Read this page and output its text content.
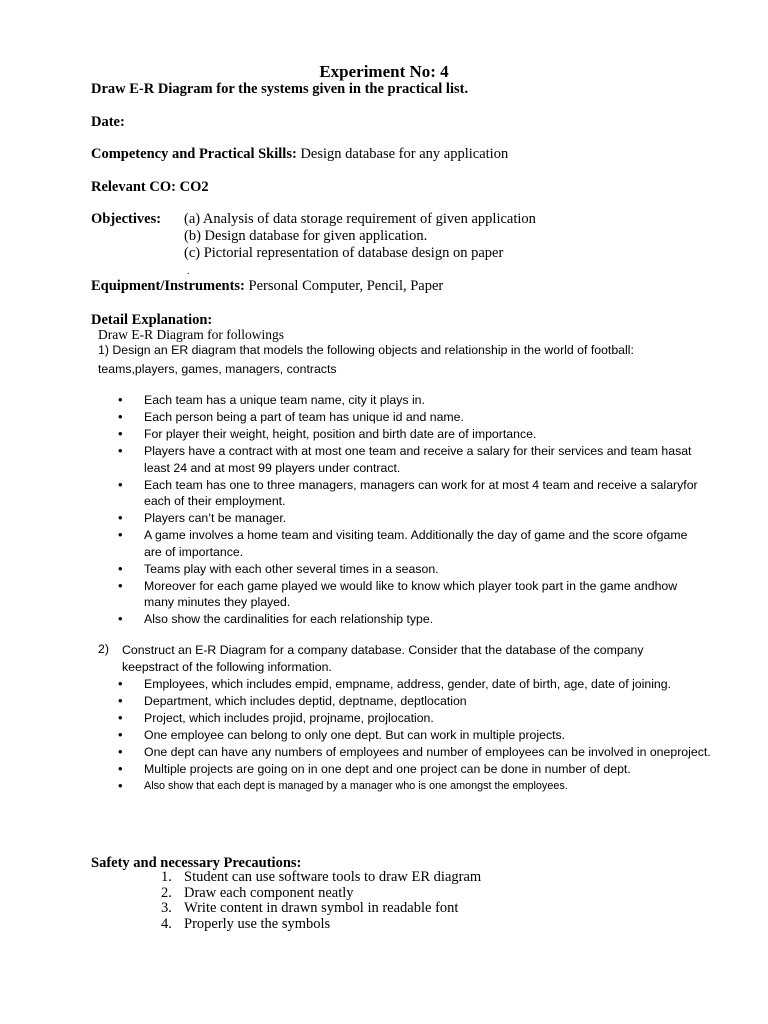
Experiment No: 4
Draw E-R Diagram for the systems given in the practical list.
Date:
Competency and Practical Skills: Design database for any application
Relevant CO: CO2
Objectives: (a) Analysis of data storage requirement of given application
(b) Design database for given application.
(c) Pictorial representation of database design on paper
.
Equipment/Instruments: Personal Computer, Pencil, Paper
Detail Explanation:
Draw E-R Diagram for followings
1) Design an ER diagram that models the following objects and relationship in the world of football:
teams,players, games, managers, contracts
• Each team has a unique team name, city it plays in.
• Each person being a part of team has unique id and name.
• For player their weight, height, position and birth date are of importance.
• Players have a contract with at most one team and receive a salary for their services and team hasat least 24 and at most 99 players under contract.
• Each team has one to three managers, managers can work for at most 4 team and receive a salaryfor each of their employment.
• Players can’t be manager.
• A game involves a home team and visiting team. Additionally the day of game and the score ofgame are of importance.
• Teams play with each other several times in a season.
• Moreover for each game played we would like to know which player took part in the game andhow many minutes they played.
• Also show the cardinalities for each relationship type.
2) Construct an E-R Diagram for a company database. Consider that the database of the company keepstract of the following information.
• Employees, which includes empid, empname, address, gender, date of birth, age, date of joining.
• Department, which includes deptid, deptname, deptlocation
• Project, which includes projid, projname, projlocation.
• One employee can belong to only one dept. But can work in multiple projects.
• One dept can have any numbers of employees and number of employees can be involved in oneproject.
• Multiple projects are going on in one dept and one project can be done in number of dept.
• Also show that each dept is managed by a manager who is one amongst the employees.
Safety and necessary Precautions:
1. Student can use software tools to draw ER diagram
2. Draw each component neatly
3. Write content in drawn symbol in readable font
4. Properly use the symbols
